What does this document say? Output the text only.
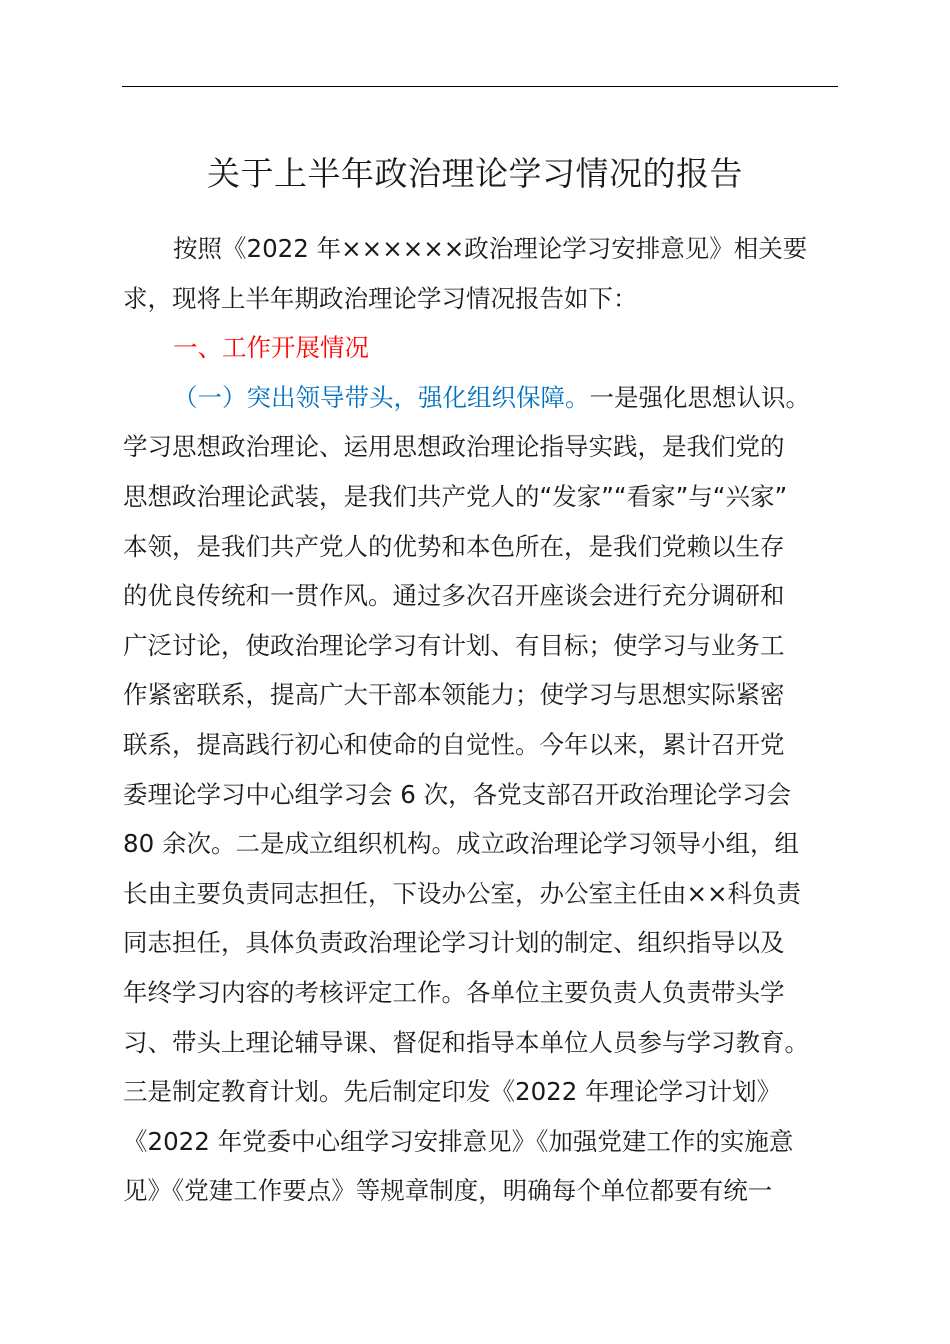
关于上半年政治理论学习情况的报告
按照《2022 年××××××政治理论学习安排意见》相关要
求，现将上半年期政治理论学习情况报告如下：
一、工作开展情况
（一）突出领导带头，强化组织保障。一是强化思想认识。
学习思想政治理论、运用思想政治理论指导实践，是我们党的
思想政治理论武装，是我们共产党人的“发家”“看家”与“兴家”
本领，是我们共产党人的优势和本色所在，是我们党赖以生存
的优良传统和一贯作风。通过多次召开座谈会进行充分调研和
广泛讨论，使政治理论学习有计划、有目标；使学习与业务工
作紧密联系，提高广大干部本领能力；使学习与思想实际紧密
联系，提高践行初心和使命的自觉性。今年以来，累计召开党
委理论学习中心组学习会 6 次，各党支部召开政治理论学习会
80 余次。二是成立组织机构。成立政治理论学习领导小组，组
长由主要负责同志担任，下设办公室，办公室主任由××科负责
同志担任，具体负责政治理论学习计划的制定、组织指导以及
年终学习内容的考核评定工作。各单位主要负责人负责带头学
习、带头上理论辅导课、督促和指导本单位人员参与学习教育。
三是制定教育计划。先后制定印发《2022 年理论学习计划》
《2022 年党委中心组学习安排意见》《加强党建工作的实施意
见》《党建工作要点》等规章制度，明确每个单位都要有统一
